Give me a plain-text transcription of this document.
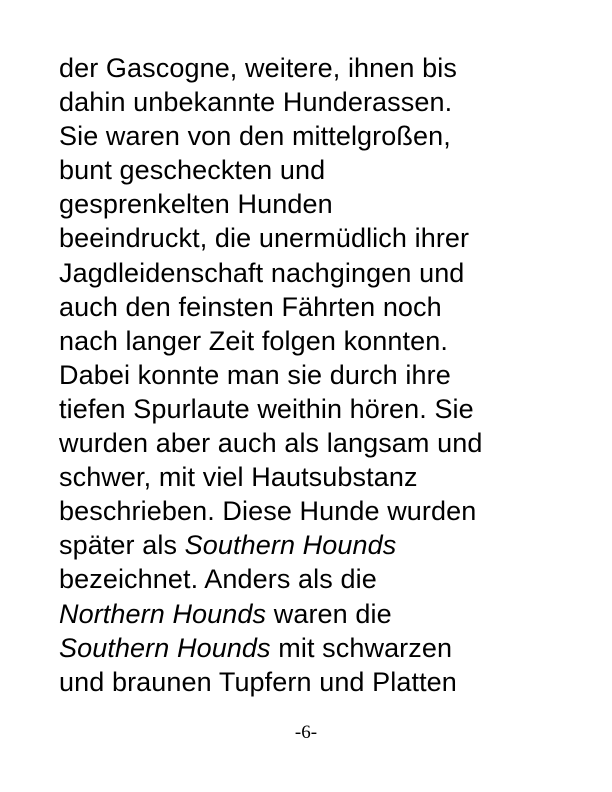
der Gascogne, weitere, ihnen bis
dahin unbekannte Hunderassen.
Sie waren von den mittelgroßen,
bunt gescheckten und
gesprenkelten Hunden
beeindruckt, die unermüdlich ihrer
Jagdleidenschaft nachgingen und
auch den feinsten Fährten noch
nach langer Zeit folgen konnten.
Dabei konnte man sie durch ihre
tiefen Spurlaute weithin hören. Sie
wurden aber auch als langsam und
schwer, mit viel Hautsubstanz
beschrieben. Diese Hunde wurden
später als Southern Hounds
bezeichnet. Anders als die
Northern Hounds waren die
Southern Hounds mit schwarzen
und braunen Tupfern und Platten
-6-
